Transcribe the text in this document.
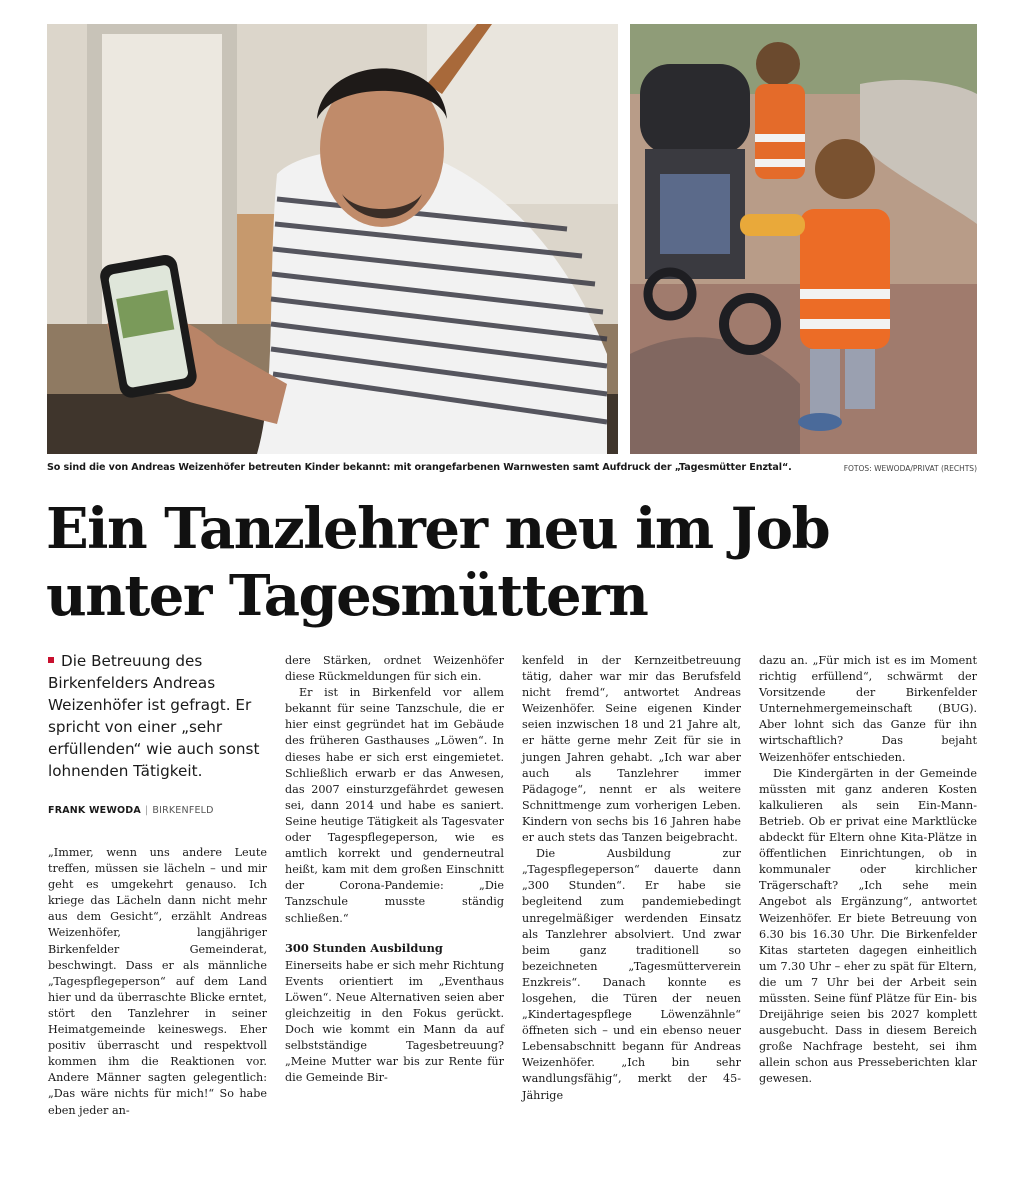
So sind die von Andreas Weizenhöfer betreuten Kinder bekannt: mit orangefarbenen Warnwesten samt Aufdruck der „Tagesmütter Enztal“.	FOTOS: WEWODA/PRIVAT (RECHTS)
Ein Tanzlehrer neu im Job
unter Tagesmüttern
Die Betreuung des Birkenfelders Andreas Weizenhöfer ist gefragt. Er spricht von einer „sehr erfüllenden“ wie auch sonst lohnenden Tätigkeit.
FRANK WEWODA | BIRKENFELD

„Immer, wenn uns andere Leute treffen, müssen sie lächeln – und mir geht es umgekehrt genauso. Ich kriege das Lächeln dann nicht mehr aus dem Gesicht“, erzählt Andreas Weizenhöfer, langjähriger Birkenfelder Gemeinderat, beschwingt. Dass er als männliche „Tagespflegeperson“ auf dem Land hier und da überraschte Blicke erntet, stört den Tanzlehrer in seiner Heimatgemeinde keineswegs. Eher positiv überrascht und respektvoll kommen ihm die Reaktionen vor. Andere Männer sagten gelegentlich: „Das wäre nichts für mich!“ So habe eben jeder an-

dere Stärken, ordnet Weizenhöfer diese Rückmeldungen für sich ein.

Er ist in Birkenfeld vor allem bekannt für seine Tanzschule, die er hier einst gegründet hat im Gebäude des früheren Gasthauses „Löwen“. In dieses habe er sich erst eingemietet. Schließlich erwarb er das Anwesen, das 2007 einsturzgefährdet gewesen sei, dann 2014 und habe es saniert. Seine heutige Tätigkeit als Tagesvater oder Tagespflegeperson, wie es amtlich korrekt und genderneutral heißt, kam mit dem großen Einschnitt der Corona-Pandemie: „Die Tanzschule musste ständig schließen.“

300 Stunden Ausbildung

Einerseits habe er sich mehr Richtung Events orientiert im „Eventhaus Löwen“. Neue Alternativen seien aber gleichzeitig in den Fokus gerückt. Doch wie kommt ein Mann da auf selbstständige Tagesbetreuung? „Meine Mutter war bis zur Rente für die Gemeinde Bir-

kenfeld in der Kernzeitbetreuung tätig, daher war mir das Berufsfeld nicht fremd“, antwortet Andreas Weizenhöfer. Seine eigenen Kinder seien inzwischen 18 und 21 Jahre alt, er hätte gerne mehr Zeit für sie in jungen Jahren gehabt. „Ich war aber auch als Tanzlehrer immer Pädagoge“, nennt er als weitere Schnittmenge zum vorherigen Leben. Kindern von sechs bis 16 Jahren habe er auch stets das Tanzen beigebracht.

Die Ausbildung zur „Tagespflegeperson“ dauerte dann „300 Stunden“. Er habe sie begleitend zum pandemiebedingt unregelmäßiger werdenden Einsatz als Tanzlehrer absolviert. Und zwar beim ganz traditionell so bezeichneten „Tagesmütterverein Enzkreis“. Danach konnte es losgehen, die Türen der neuen „Kindertagespflege Löwenzähnle“ öffneten sich – und ein ebenso neuer Lebensabschnitt begann für Andreas Weizenhöfer. „Ich bin sehr wandlungsfähig“, merkt der 45-Jährige

dazu an. „Für mich ist es im Moment richtig erfüllend“, schwärmt der Vorsitzende der Birkenfelder Unternehmergemeinschaft (BUG). Aber lohnt sich das Ganze für ihn wirtschaftlich? Das bejaht Weizenhöfer entschieden.

Die Kindergärten in der Gemeinde müssten mit ganz anderen Kosten kalkulieren als sein Ein-Mann-Betrieb. Ob er privat eine Marktlücke abdeckt für Eltern ohne Kita-Plätze in öffentlichen Einrichtungen, ob in kommunaler oder kirchlicher Trägerschaft? „Ich sehe mein Angebot als Ergänzung“, antwortet Weizenhöfer. Er biete Betreuung von 6.30 bis 16.30 Uhr. Die Birkenfelder Kitas starteten dagegen einheitlich um 7.30 Uhr – eher zu spät für Eltern, die um 7 Uhr bei der Arbeit sein müssten. Seine fünf Plätze für Ein- bis Dreijährige seien bis 2027 komplett ausgebucht. Dass in diesem Bereich große Nachfrage besteht, sei ihm allein schon aus Presseberichten klar gewesen.
